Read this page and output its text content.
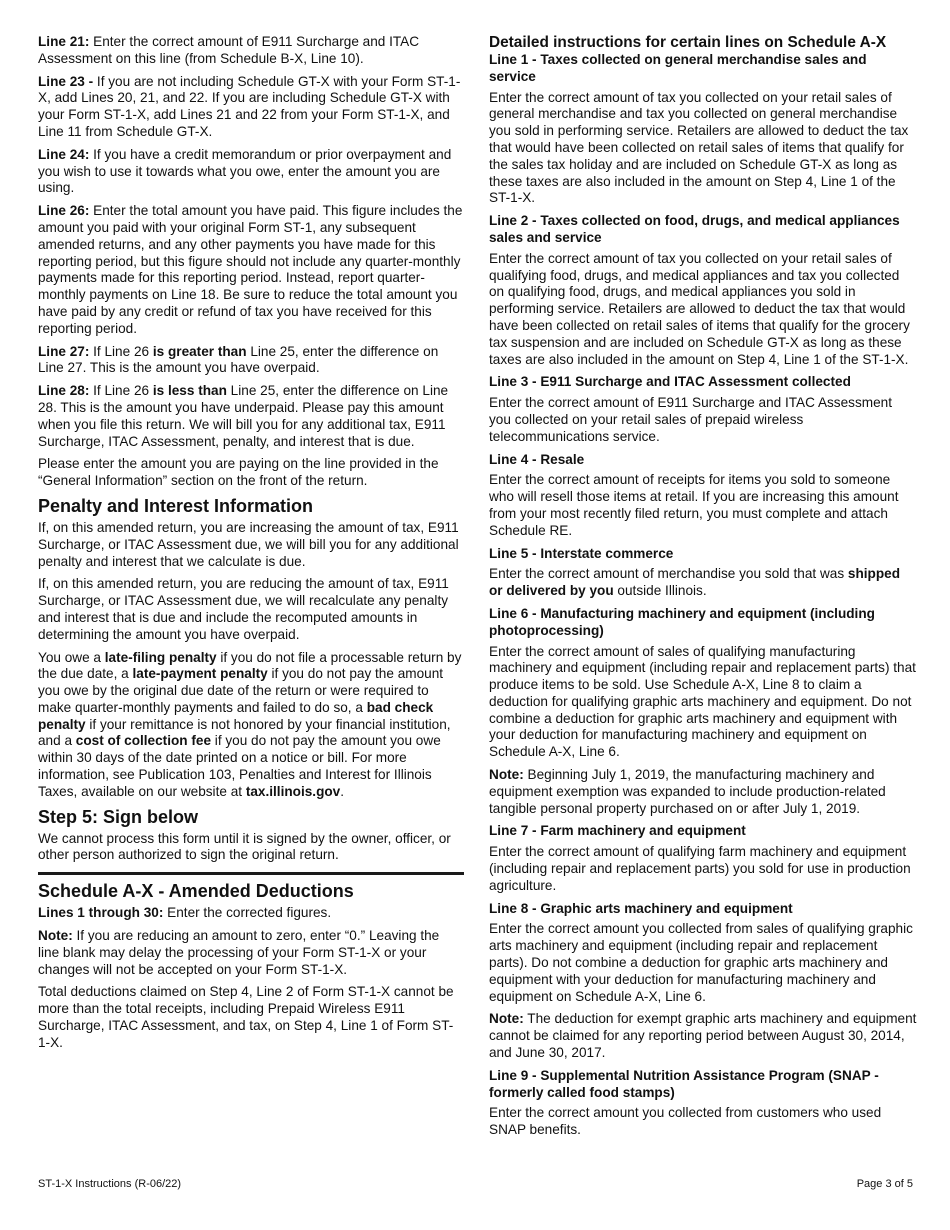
Line 21: Enter the correct amount of E911 Surcharge and ITAC Assessment on this line (from Schedule B-X, Line 10).

Line 23 - If you are not including Schedule GT-X with your Form ST-1-X, add Lines 20, 21, and 22. If you are including Schedule GT-X with your Form ST-1-X, add Lines 21 and 22 from your Form ST-1-X, and Line 11 from Schedule GT-X.

Line 24: If you have a credit memorandum or prior overpayment and you wish to use it towards what you owe, enter the amount you are using.

Line 26: Enter the total amount you have paid. This figure includes the amount you paid with your original Form ST-1, any subsequent amended returns, and any other payments you have made for this reporting period, but this figure should not include any quarter-monthly payments made for this reporting period. Instead, report quarter-monthly payments on Line 18. Be sure to reduce the total amount you have paid by any credit or refund of tax you have received for this reporting period.

Line 27: If Line 26 is greater than Line 25, enter the difference on Line 27. This is the amount you have overpaid.

Line 28: If Line 26 is less than Line 25, enter the difference on Line 28. This is the amount you have underpaid. Please pay this amount when you file this return. We will bill you for any additional tax, E911 Surcharge, ITAC Assessment, penalty, and interest that is due.

Please enter the amount you are paying on the line provided in the “General Information” section on the front of the return.

Penalty and Interest Information

If, on this amended return, you are increasing the amount of tax, E911 Surcharge, or ITAC Assessment due, we will bill you for any additional penalty and interest that we calculate is due.

If, on this amended return, you are reducing the amount of tax, E911 Surcharge, or ITAC Assessment due, we will recalculate any penalty and interest that is due and include the recomputed amounts in determining the amount you have overpaid.

You owe a late-filing penalty if you do not file a processable return by the due date, a late-payment penalty if you do not pay the amount you owe by the original due date of the return or were required to make quarter-monthly payments and failed to do so, a bad check penalty if your remittance is not honored by your financial institution, and a cost of collection fee if you do not pay the amount you owe within 30 days of the date printed on a notice or bill. For more information, see Publication 103, Penalties and Interest for Illinois Taxes, available on our website at tax.illinois.gov.

Step 5: Sign below

We cannot process this form until it is signed by the owner, officer, or other person authorized to sign the original return.

Schedule A-X - Amended Deductions

Lines 1 through 30: Enter the corrected figures.

Note: If you are reducing an amount to zero, enter “0.” Leaving the line blank may delay the processing of your Form ST-1-X or your changes will not be accepted on your Form ST-1-X.

Total deductions claimed on Step 4, Line 2 of Form ST-1-X cannot be more than the total receipts, including Prepaid Wireless E911 Surcharge, ITAC Assessment, and tax, on Step 4, Line 1 of Form ST-1-X.

Detailed instructions for certain lines on Schedule A-X
Line 1 - Taxes collected on general merchandise sales and service

Enter the correct amount of tax you collected on your retail sales of general merchandise and tax you collected on general merchandise you sold in performing service. Retailers are allowed to deduct the tax that would have been collected on retail sales of items that qualify for the sales tax holiday and are included on Schedule GT-X as long as these taxes are also included in the amount on Step 4, Line 1 of the ST-1-X.

Line 2 - Taxes collected on food, drugs, and medical appliances sales and service

Enter the correct amount of tax you collected on your retail sales of qualifying food, drugs, and medical appliances and tax you collected on qualifying food, drugs, and medical appliances you sold in performing service. Retailers are allowed to deduct the tax that would have been collected on retail sales of items that qualify for the grocery tax suspension and are included on Schedule GT-X as long as these taxes are also included in the amount on Step 4, Line 1 of the ST-1-X.

Line 3 - E911 Surcharge and ITAC Assessment collected

Enter the correct amount of E911 Surcharge and ITAC Assessment you collected on your retail sales of prepaid wireless telecommunications service.

Line 4 - Resale

Enter the correct amount of receipts for items you sold to someone who will resell those items at retail. If you are increasing this amount from your most recently filed return, you must complete and attach Schedule RE.

Line 5 - Interstate commerce

Enter the correct amount of merchandise you sold that was shipped or delivered by you outside Illinois.

Line 6 - Manufacturing machinery and equipment (including photoprocessing)

Enter the correct amount of sales of qualifying manufacturing machinery and equipment (including repair and replacement parts) that produce items to be sold. Use Schedule A-X, Line 8 to claim a deduction for qualifying graphic arts machinery and equipment. Do not combine a deduction for graphic arts machinery and equipment with your deduction for manufacturing machinery and equipment on Schedule A-X, Line 6.

Note: Beginning July 1, 2019, the manufacturing machinery and equipment exemption was expanded to include production-related tangible personal property purchased on or after July 1, 2019.

Line 7 - Farm machinery and equipment

Enter the correct amount of qualifying farm machinery and equipment (including repair and replacement parts) you sold for use in production agriculture.

Line 8 - Graphic arts machinery and equipment

Enter the correct amount you collected from sales of qualifying graphic arts machinery and equipment (including repair and replacement parts). Do not combine a deduction for graphic arts machinery and equipment with your deduction for manufacturing machinery and equipment on Schedule A-X, Line 6.

Note: The deduction for exempt graphic arts machinery and equipment cannot be claimed for any reporting period between August 30, 2014, and June 30, 2017.

Line 9 - Supplemental Nutrition Assistance Program (SNAP - formerly called food stamps)

Enter the correct amount you collected from customers who used SNAP benefits.

ST-1-X Instructions (R-06/22)	Page 3 of 5
